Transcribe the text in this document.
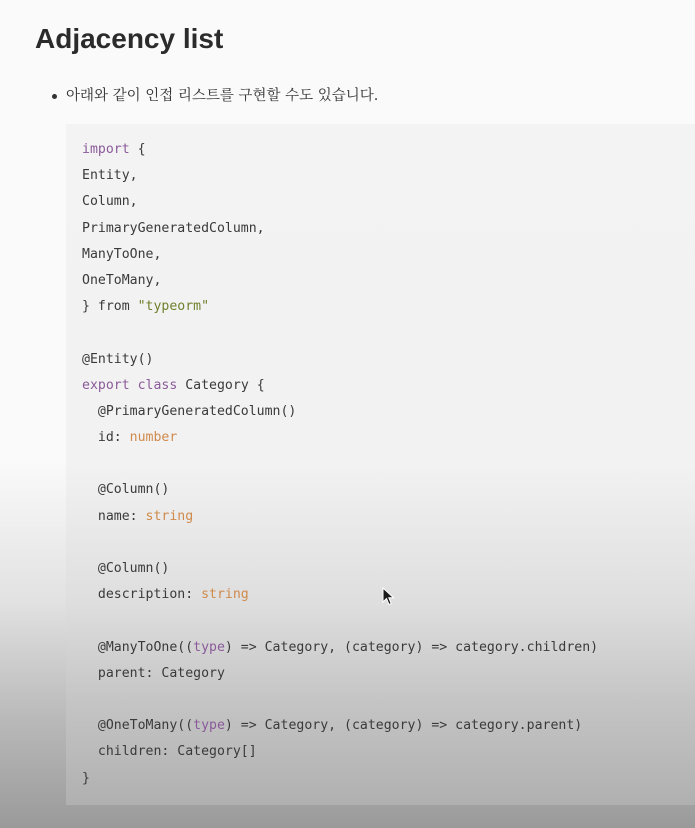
Adjacency list
아래와 같이 인접 리스트를 구현할 수도 있습니다.
import {
Entity,
Column,
PrimaryGeneratedColumn,
ManyToOne,
OneToMany,
} from "typeorm"

@Entity()
export class Category {
@PrimaryGeneratedColumn()
id: number

@Column()
name: string

@Column()
description: string

@ManyToOne((type) => Category, (category) => category.children)
parent: Category

@OneToMany((type) => Category, (category) => category.parent)
children: Category[]
}
